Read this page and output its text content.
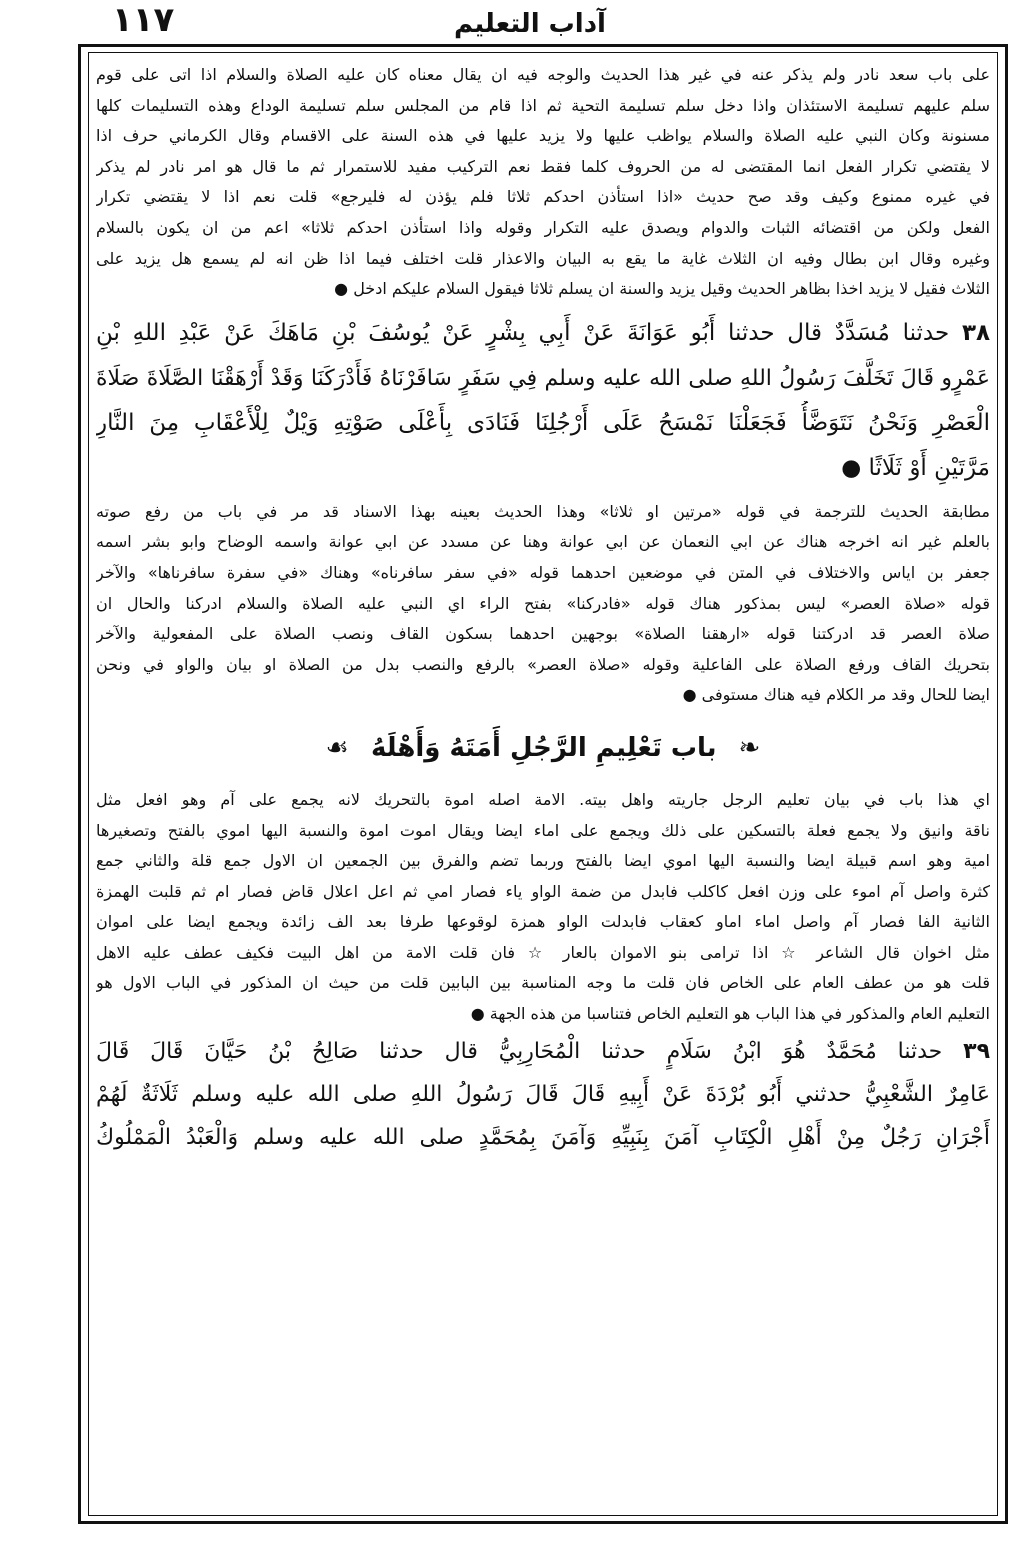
١١٧	آداب التعليم
على باب سعد نادر ولم يذكر عنه في غير هذا الحديث والوجه فيه ان يقال معناه كان عليه الصلاة والسلام اذا اتى على قوم
سلم عليهم تسليمة الاستئذان واذا دخل سلم تسليمة التحية ثم اذا قام من المجلس سلم تسليمة الوداع وهذه التسليمات كلها
مسنونة وكان النبي عليه الصلاة والسلام يواظب عليها ولا يزيد عليها في هذه السنة على الاقسام وقال الكرماني حرف اذا
لا يقتضي تكرار الفعل انما المقتضى له من الحروف كلما فقط نعم التركيب مفيد للاستمرار ثم ما قال هو امر نادر لم يذكر
في غيره ممنوع وكيف وقد صح حديث «اذا استأذن احدكم ثلاثا فلم يؤذن له فليرجع» قلت نعم اذا لا يقتضي تكرار
الفعل ولكن من اقتضائه الثبات والدوام ويصدق عليه التكرار وقوله واذا استأذن احدكم ثلاثا» اعم من ان يكون بالسلام
وغيره وقال ابن بطال وفيه ان الثلاث غاية ما يقع به البيان والاعذار قلت اختلف فيما اذا ظن انه لم يسمع هل يزيد على
الثلاث فقيل لا يزيد اخذا بظاهر الحديث وقيل يزيد والسنة ان يسلم ثلاثا فيقول السلام عليكم ادخل ●
٣٨ حدثنا مُسَدَّدٌ قال حدثنا أَبُو عَوَانَةَ عَنْ أَبِي بِشْرٍ عَنْ يُوسُفَ بْنِ مَاهَكَ عَنْ عَبْدِ اللهِ بْنِ
عَمْرٍو قَالَ تَخَلَّفَ رَسُولُ اللهِ صلى الله عليه وسلم فِي سَفَرٍ سَافَرْنَاهُ فَأَدْرَكَنَا وَقَدْ أَرْهَقْنَا الصَّلَاةَ صَلَاةَ
الْعَصْرِ وَنَحْنُ نَتَوَضَّأُ فَجَعَلْنَا نَمْسَحُ عَلَى أَرْجُلِنَا فَنَادَى بِأَعْلَى صَوْتِهِ وَيْلٌ لِلْأَعْقَابِ مِنَ النَّارِ
مَرَّتَيْنِ أَوْ ثَلَاثًا ●
مطابقة الحديث للترجمة في قوله «مرتين او ثلاثا» وهذا الحديث بعينه بهذا الاسناد قد مر في باب من رفع صوته
بالعلم غير انه اخرجه هناك عن ابي النعمان عن ابي عوانة وهنا عن مسدد عن ابي عوانة واسمه الوضاح وابو بشر اسمه
جعفر بن اياس والاختلاف في المتن في موضعين احدهما قوله «في سفر سافرناه» وهناك «في سفرة سافرناها» والآخر
قوله «صلاة العصر» ليس بمذكور هناك قوله «فادركنا» بفتح الراء اي النبي عليه الصلاة والسلام ادركنا والحال ان
صلاة العصر قد ادركتنا قوله «ارهقنا الصلاة» بوجهين احدهما بسكون القاف ونصب الصلاة على المفعولية والآخر
بتحريك القاف ورفع الصلاة على الفاعلية وقوله «صلاة العصر» بالرفع والنصب بدل من الصلاة او بيان والواو في ونحن
ايضا للحال وقد مر الكلام فيه هناك مستوفى ●
❧
باب تَعْلِيمِ الرَّجُلِ أَمَتَهُ وَأَهْلَهُ
☙
اي هذا باب في بيان تعليم الرجل جاريته واهل بيته. الامة اصله اموة بالتحريك لانه يجمع على آم وهو افعل مثل
ناقة وانيق ولا يجمع فعلة بالتسكين على ذلك ويجمع على اماء ايضا ويقال اموت اموة والنسبة اليها اموي بالفتح وتصغيرها
امية وهو اسم قبيلة ايضا والنسبة اليها اموي ايضا بالفتح وربما تضم والفرق بين الجمعين ان الاول جمع قلة والثاني جمع
كثرة واصل آم اموء على وزن افعل كاكلب فابدل من ضمة الواو ياء فصار امي ثم اعل اعلال قاض فصار ام ثم قلبت الهمزة
الثانية الفا فصار آم واصل اماء اماو كعقاب فابدلت الواو همزة لوقوعها طرفا بعد الف زائدة ويجمع ايضا على اموان
مثل اخوان قال الشاعر ☆ اذا ترامى بنو الاموان بالعار ☆ فان قلت الامة من اهل البيت فكيف عطف عليه الاهل
قلت هو من عطف العام على الخاص فان قلت ما وجه المناسبة بين البابين قلت من حيث ان المذكور في الباب الاول هو
التعليم العام والمذكور في هذا الباب هو التعليم الخاص فتناسبا من هذه الجهة ●
٣٩ حدثنا مُحَمَّدٌ هُوَ ابْنُ سَلَامٍ حدثنا الْمُحَارِبِيُّ قال حدثنا صَالِحُ بْنُ حَيَّانَ قَالَ قَالَ
عَامِرٌ الشَّعْبِيُّ حدثني أَبُو بُرْدَةَ عَنْ أَبِيهِ قَالَ قَالَ رَسُولُ اللهِ صلى الله عليه وسلم ثَلَاثَةٌ لَهُمْ
أَجْرَانِ رَجُلٌ مِنْ أَهْلِ الْكِتَابِ آمَنَ بِنَبِيِّهِ وَآمَنَ بِمُحَمَّدٍ صلى الله عليه وسلم وَالْعَبْدُ الْمَمْلُوكُ
